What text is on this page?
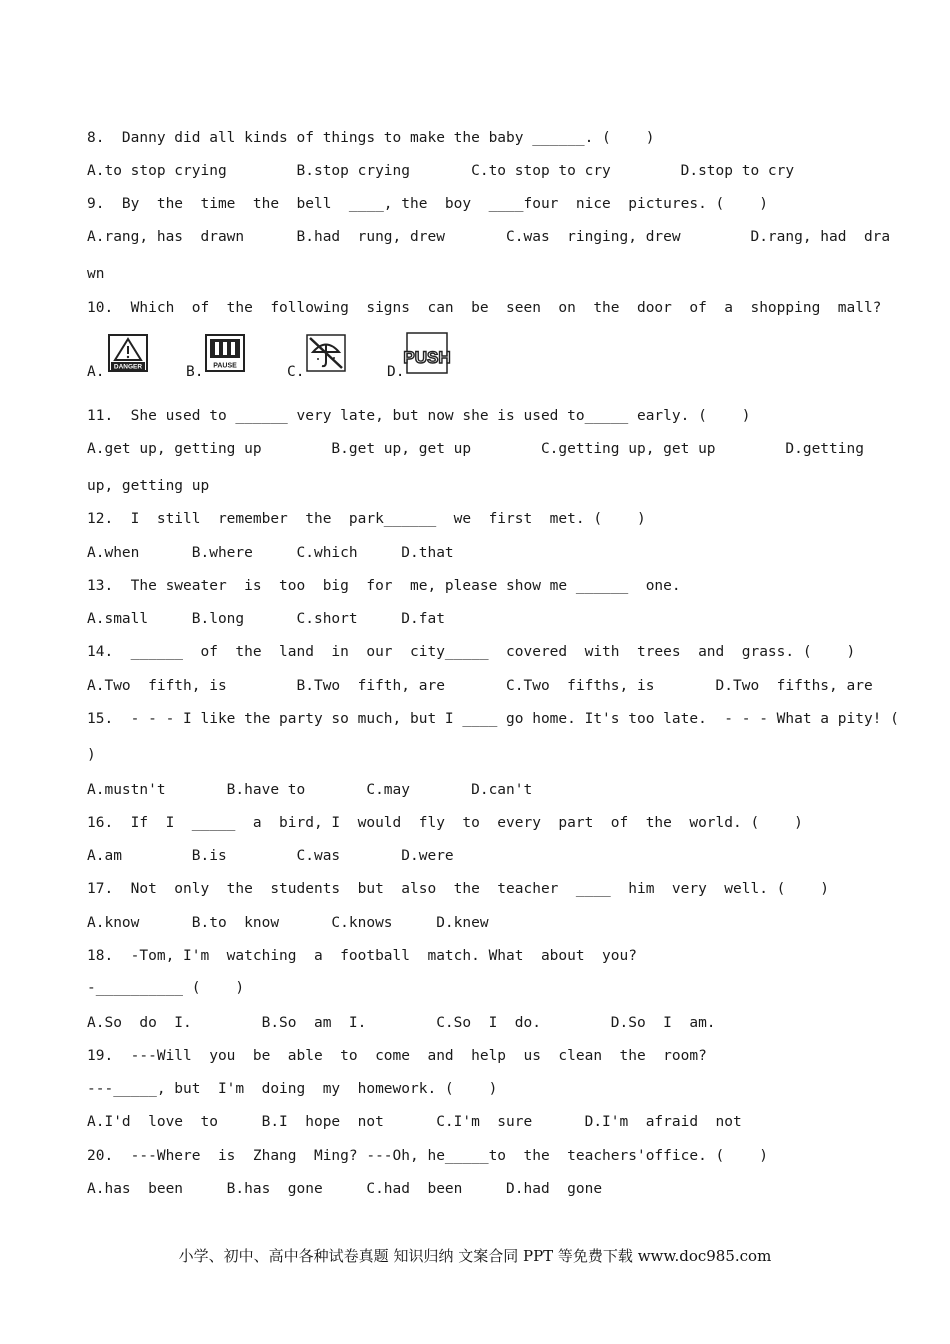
8.  Danny did all kinds of things to make the baby ______. (    )
A.to stop crying        B.stop crying       C.to stop to cry        D.stop to cry
9.  By  the  time  the  bell  ____, the  boy  ____four  nice  pictures. (    )
A.rang, has  drawn      B.had  rung, drew       C.was  ringing, drew        D.rang, had  dra
wn
10.  Which  of  the  following  signs  can  be  seen  on  the  door  of  a  shopping  mall?
A. DANGER	B. PAUSE	C.	D.
PUSH
11.  She used to ______ very late, but now she is used to_____ early. (    )
A.get up, getting up        B.get up, get up        C.getting up, get up        D.getting
up, getting up
12.  I  still  remember  the  park______  we  first  met. (    )
A.when      B.where     C.which     D.that
13.  The sweater  is  too  big  for  me, please show me ______  one.
A.small     B.long      C.short     D.fat
14.  ______  of  the  land  in  our  city_____  covered  with  trees  and  grass. (    )
A.Two  fifth, is        B.Two  fifth, are       C.Two  fifths, is       D.Two  fifths, are
15.  - - - I like the party so much, but I ____ go home. It's too late.  - - - What a pity! (
)
A.mustn't       B.have to       C.may       D.can't
16.  If  I  _____  a  bird, I  would  fly  to  every  part  of  the  world. (    )
A.am        B.is        C.was       D.were
17.  Not  only  the  students  but  also  the  teacher  ____  him  very  well. (    )
A.know      B.to  know      C.knows     D.knew
18.  -Tom, I'm  watching  a  football  match. What  about  you?
-__________ (    )
A.So  do  I.        B.So  am  I.        C.So  I  do.        D.So  I  am.
19.  ---Will  you  be  able  to  come  and  help  us  clean  the  room?
---_____, but  I'm  doing  my  homework. (    )
A.I'd  love  to     B.I  hope  not      C.I'm  sure      D.I'm  afraid  not
20.  ---Where  is  Zhang  Ming? ---Oh, he_____to  the  teachers'office. (    )
A.has  been     B.has  gone     C.had  been     D.had  gone
小学、初中、高中各种试卷真题 知识归纳 文案合同 PPT 等免费下载 www.doc985.com
